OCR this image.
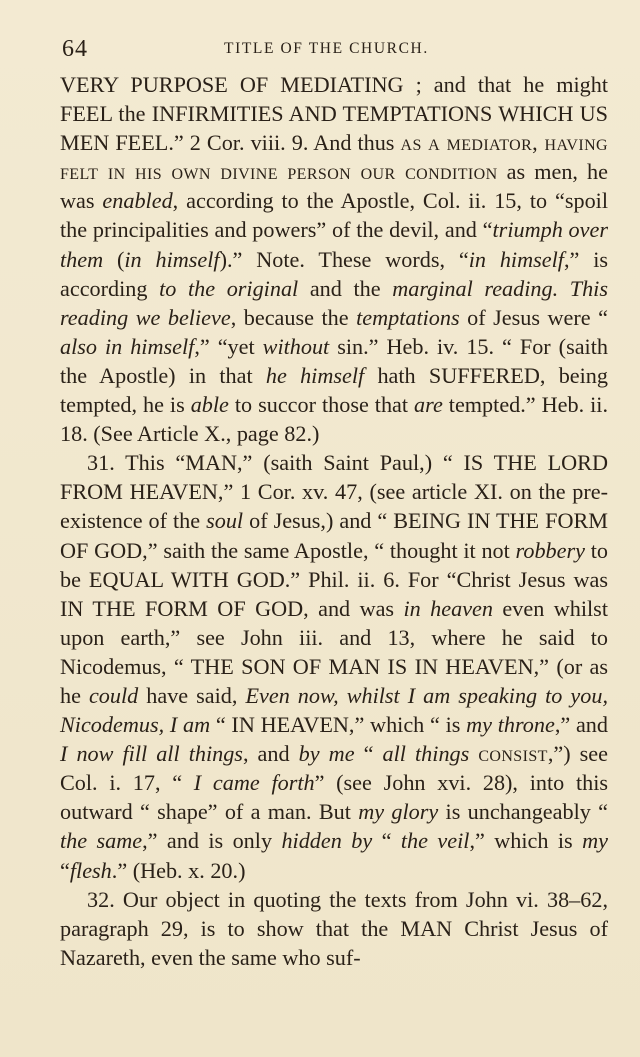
64	TITLE OF THE CHURCH.

VERY PURPOSE OF MEDIATING ; and that he might FEEL the INFIRMITIES AND TEMPTATIONS WHICH US MEN FEEL.” 2 Cor. viii. 9. And thus as a mediator, having felt in his own divine person our condition as men, he was enabled, according to the Apostle, Col. ii. 15, to “spoil the principalities and powers” of the devil, and “triumph over them (in himself).” Note. These words, “in himself,” is according to the original and the marginal reading. This reading we believe, because the temptations of Jesus were “ also in himself,” “yet without sin.” Heb. iv. 15. “ For (saith the Apostle) in that he himself hath SUFFERED, being tempted, he is able to succor those that are tempted.” Heb. ii. 18. (See Article X., page 82.)

31. This “MAN,” (saith Saint Paul,) “ IS THE LORD FROM HEAVEN,” 1 Cor. xv. 47, (see article XI. on the pre-existence of the soul of Jesus,) and “ BEING IN THE FORM OF GOD,” saith the same Apostle, “ thought it not robbery to be EQUAL WITH GOD.” Phil. ii. 6. For “Christ Jesus was IN THE FORM OF GOD, and was in heaven even whilst upon earth,” see John iii. and 13, where he said to Nicodemus, “ THE SON OF MAN IS IN HEAVEN,” (or as he could have said, Even now, whilst I am speaking to you, Nicodemus, I am “ IN HEAVEN,” which “ is my throne,” and I now fill all things, and by me “ all things consist,”) see Col. i. 17, “ I came forth” (see John xvi. 28), into this outward “ shape” of a man. But my glory is unchangeably “ the same,” and is only hidden by “ the veil,” which is my “flesh.” (Heb. x. 20.)

32. Our object in quoting the texts from John vi. 38–62, paragraph 29, is to show that the MAN Christ Jesus of Nazareth, even the same who suf-
